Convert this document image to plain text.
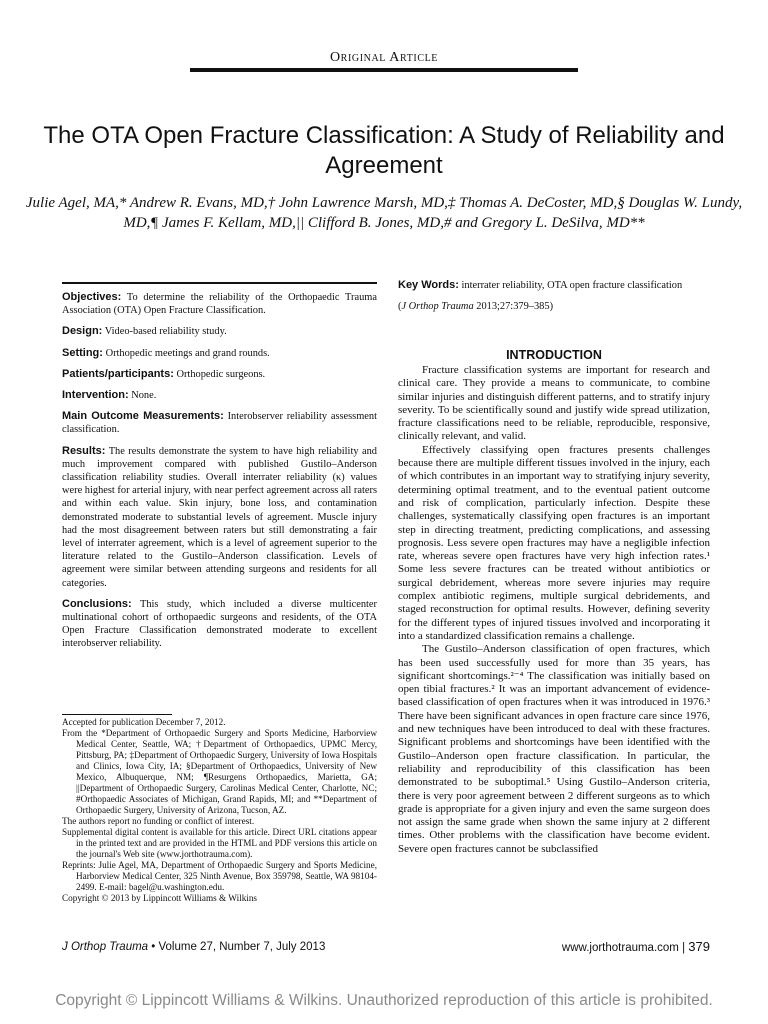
Original Article
The OTA Open Fracture Classification: A Study of Reliability and Agreement
Julie Agel, MA,* Andrew R. Evans, MD,† John Lawrence Marsh, MD,‡ Thomas A. DeCoster, MD,§ Douglas W. Lundy, MD,¶ James F. Kellam, MD,|| Clifford B. Jones, MD,# and Gregory L. DeSilva, MD**

Objectives: To determine the reliability of the Orthopaedic Trauma Association (OTA) Open Fracture Classification.

Design: Video-based reliability study.

Setting: Orthopedic meetings and grand rounds.

Patients/participants: Orthopedic surgeons.

Intervention: None.

Main Outcome Measurements: Interobserver reliability assessment classification.

Results: The results demonstrate the system to have high reliability and much improvement compared with published Gustilo–Anderson classification reliability studies. Overall interrater reliability (κ) values were highest for arterial injury, with near perfect agreement across all raters and within each value. Skin injury, bone loss, and contamination demonstrated moderate to substantial levels of agreement. Muscle injury had the most disagreement between raters but still demonstrating a fair level of interrater agreement, which is a level of agreement superior to the literature related to the Gustilo–Anderson classification. Levels of agreement were similar between attending surgeons and residents for all categories.

Conclusions: This study, which included a diverse multicenter multinational cohort of orthopaedic surgeons and residents, of the OTA Open Fracture Classification demonstrated moderate to excellent interobserver reliability.

Accepted for publication December 7, 2012.

From the *Department of Orthopaedic Surgery and Sports Medicine, Harborview Medical Center, Seattle, WA; †Department of Orthopaedics, UPMC Mercy, Pittsburg, PA; ‡Department of Orthopaedic Surgery, University of Iowa Hospitals and Clinics, Iowa City, IA; §Department of Orthopaedics, University of New Mexico, Albuquerque, NM; ¶Resurgens Orthopaedics, Marietta, GA; ||Department of Orthopaedic Surgery, Carolinas Medical Center, Charlotte, NC; #Orthopaedic Associates of Michigan, Grand Rapids, MI; and **Department of Orthopaedic Surgery, University of Arizona, Tucson, AZ.

The authors report no funding or conflict of interest.

Supplemental digital content is available for this article. Direct URL citations appear in the printed text and are provided in the HTML and PDF versions this article on the journal's Web site (www.jorthotrauma.com).

Reprints: Julie Agel, MA, Department of Orthopaedic Surgery and Sports Medicine, Harborview Medical Center, 325 Ninth Avenue, Box 359798, Seattle, WA 98104-2499. E-mail: bagel@u.washington.edu.

Copyright © 2013 by Lippincott Williams & Wilkins

Key Words: interrater reliability, OTA open fracture classification
(J Orthop Trauma 2013;27:379–385)
INTRODUCTION

Fracture classification systems are important for research and clinical care. They provide a means to communicate, to combine similar injuries and distinguish different patterns, and to stratify injury severity. To be scientifically sound and justify wide spread utilization, fracture classifications need to be reliable, reproducible, responsive, clinically relevant, and valid.

Effectively classifying open fractures presents challenges because there are multiple different tissues involved in the injury, each of which contributes in an important way to stratifying injury severity, determining optimal treatment, and to the eventual patient outcome and risk of complication, particularly infection. Despite these challenges, systematically classifying open fractures is an important step in directing treatment, predicting complications, and assessing prognosis. Less severe open fractures may have a negligible infection rate, whereas severe open fractures have very high infection rates.¹ Some less severe fractures can be treated without antibiotics or surgical debridement, whereas more severe injuries may require complex antibiotic regimens, multiple surgical debridements, and staged reconstruction for optimal results. However, defining severity for the different types of injured tissues involved and incorporating it into a standardized classification remains a challenge.

The Gustilo–Anderson classification of open fractures, which has been used successfully used for more than 35 years, has significant shortcomings.²⁻⁴ The classification was initially based on open tibial fractures.² It was an important advancement of evidence-based classification of open fractures when it was introduced in 1976.³ There have been significant advances in open fracture care since 1976, and new techniques have been introduced to deal with these fractures. Significant problems and shortcomings have been identified with the Gustilo–Anderson open fracture classification. In particular, the reliability and reproducibility of this classification has been demonstrated to be suboptimal.⁵ Using Gustilo–Anderson criteria, there is very poor agreement between 2 different surgeons as to which grade is appropriate for a given injury and even the same surgeon does not assign the same grade when shown the same injury at 2 different times. Other problems with the classification have become evident. Severe open fractures cannot be subclassified

J Orthop Trauma • Volume 27, Number 7, July 2013	www.jorthotrauma.com | 379
Copyright © Lippincott Williams & Wilkins. Unauthorized reproduction of this article is prohibited.
